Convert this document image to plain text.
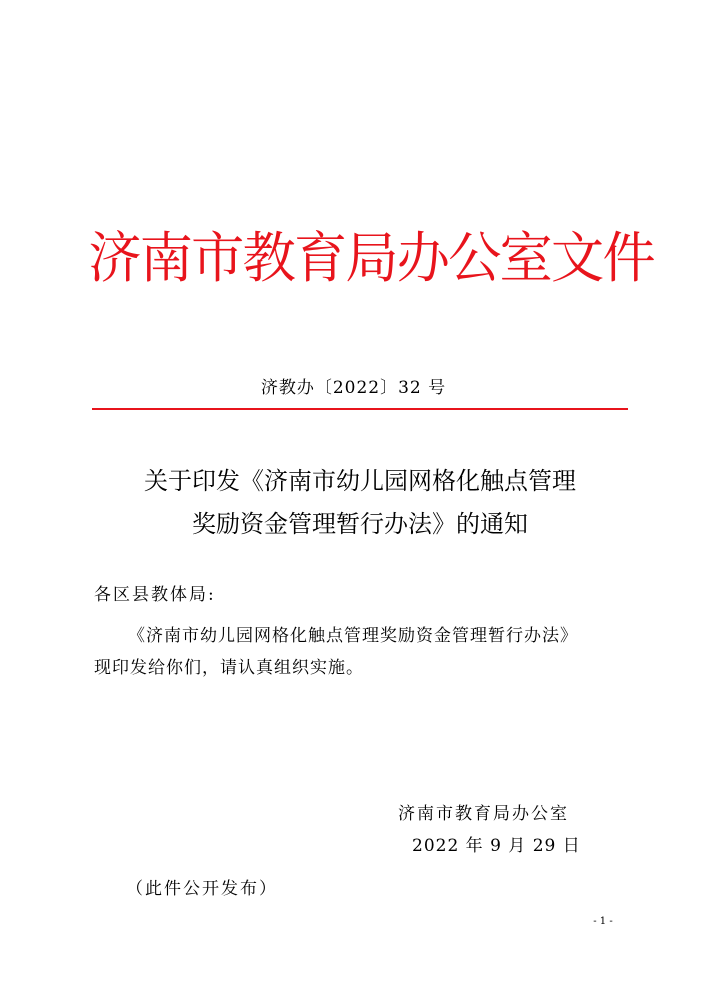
济南市教育局办公室文件
济教办〔2022〕32 号
关于印发《济南市幼儿园网格化触点管理
奖励资金管理暂行办法》的通知
各区县教体局:
《济南市幼儿园网格化触点管理奖励资金管理暂行办法》
现印发给你们，请认真组织实施。
济南市教育局办公室
2022 年 9 月 29 日
（此件公开发布）
- 1 -
